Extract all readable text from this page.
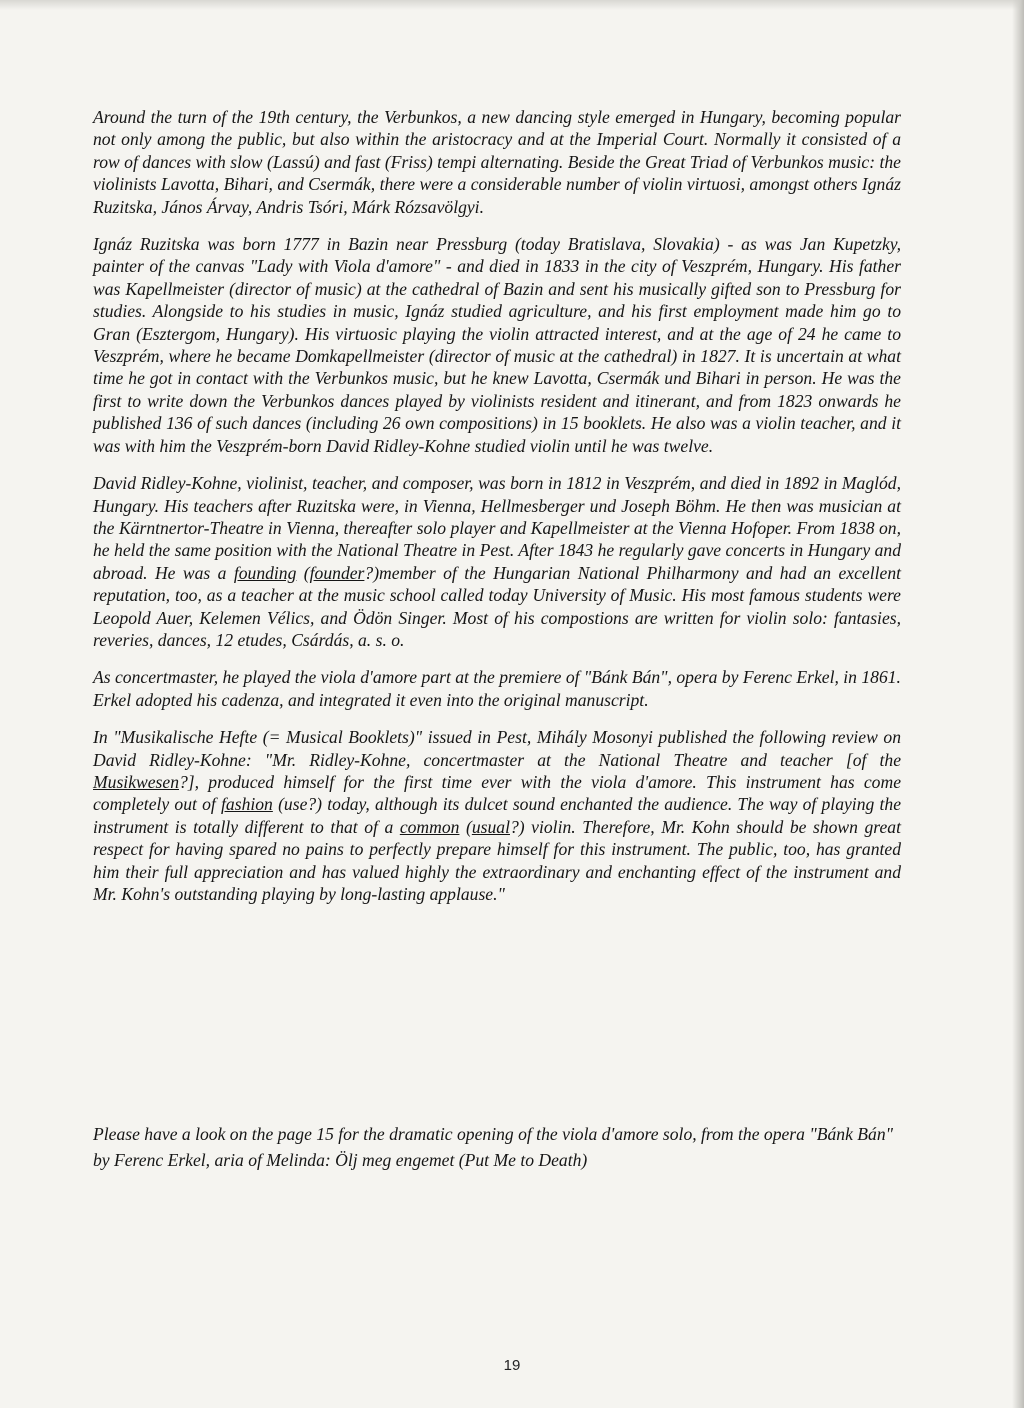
Around the turn of the 19th century, the Verbunkos, a new dancing style emerged in Hungary, becoming popular not only among the public, but also within the aristocracy and at the Imperial Court. Normally it consisted of a row of dances with slow (Lassú) and fast (Friss) tempi alternating. Beside the Great Triad of Verbunkos music: the violinists Lavotta, Bihari, and Csermák, there were a considerable number of violin virtuosi, amongst others Ignáz Ruzitska, János Árvay, Andris Tsóri, Márk Rózsavölgyi.

Ignáz Ruzitska was born 1777 in Bazin near Pressburg (today Bratislava, Slovakia) - as was Jan Kupetzky, painter of the canvas "Lady with Viola d'amore" - and died in 1833 in the city of Veszprém, Hungary. His father was Kapellmeister (director of music) at the cathedral of Bazin and sent his musically gifted son to Pressburg for studies. Alongside to his studies in music, Ignáz studied agriculture, and his first employment made him go to Gran (Esztergom, Hungary). His virtuosic playing the violin attracted interest, and at the age of 24 he came to Veszprém, where he became Domkapellmeister (director of music at the cathedral) in 1827. It is uncertain at what time he got in contact with the Verbunkos music, but he knew Lavotta, Csermák und Bihari in person. He was the first to write down the Verbunkos dances played by violinists resident and itinerant, and from 1823 onwards he published 136 of such dances (including 26 own compositions) in 15 booklets. He also was a violin teacher, and it was with him the Veszprém-born David Ridley-Kohne studied violin until he was twelve.

David Ridley-Kohne, violinist, teacher, and composer, was born in 1812 in Veszprém, and died in 1892 in Maglód, Hungary. His teachers after Ruzitska were, in Vienna, Hellmesberger und Joseph Böhm. He then was musician at the Kärntnertor-Theatre in Vienna, thereafter solo player and Kapellmeister at the Vienna Hofoper. From 1838 on, he held the same position with the National Theatre in Pest. After 1843 he regularly gave concerts in Hungary and abroad. He was a founding (founder?)member of the Hungarian National Philharmony and had an excellent reputation, too, as a teacher at the music school called today University of Music. His most famous students were Leopold Auer, Kelemen Vélics, and Ödön Singer. Most of his compostions are written for violin solo: fantasies, reveries, dances, 12 etudes, Csárdás, a. s. o.

As concertmaster, he played the viola d'amore part at the premiere of "Bánk Bán", opera by Ferenc Erkel, in 1861. Erkel adopted his cadenza, and integrated it even into the original manuscript.

In "Musikalische Hefte (= Musical Booklets)" issued in Pest, Mihály Mosonyi published the following review on David Ridley-Kohne: "Mr. Ridley-Kohne, concertmaster at the National Theatre and teacher [of the Musikwesen?], produced himself for the first time ever with the viola d'amore. This instrument has come completely out of fashion (use?) today, although its dulcet sound enchanted the audience. The way of playing the instrument is totally different to that of a common (usual?) violin. Therefore, Mr. Kohn should be shown great respect for having spared no pains to perfectly prepare himself for this instrument. The public, too, has granted him their full appreciation and has valued highly the extraordinary and enchanting effect of the instrument and Mr. Kohn's outstanding playing by long-lasting applause."

Please have a look on the page 15 for the dramatic opening of the viola d'amore solo, from the opera "Bánk Bán" by Ferenc Erkel, aria of Melinda: Ölj meg engemet (Put Me to Death)

19
